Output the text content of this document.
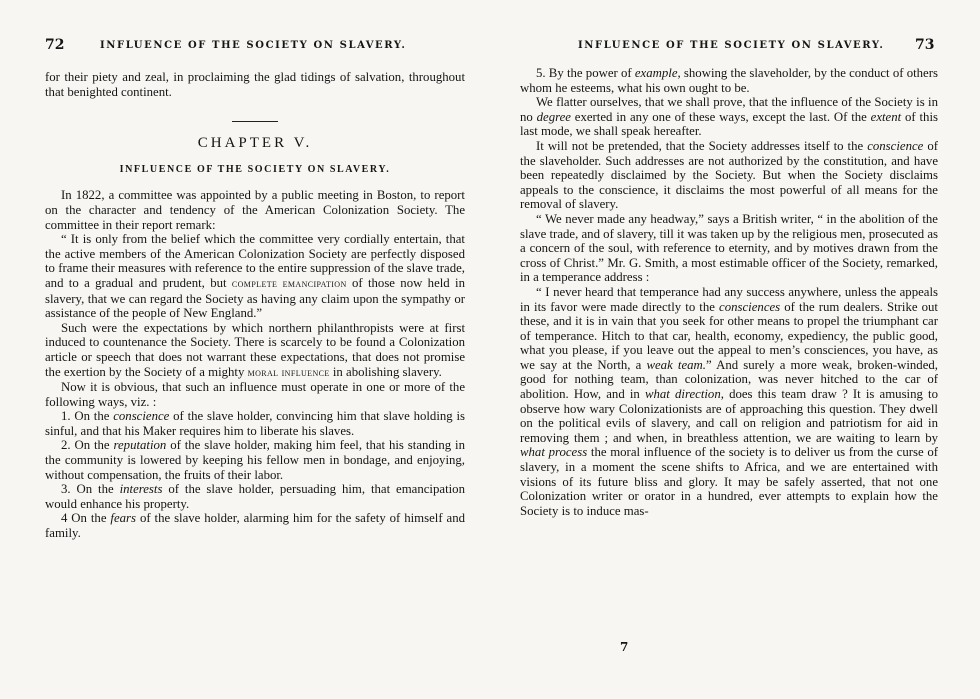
72	INFLUENCE OF THE SOCIETY ON SLAVERY.

for their piety and zeal, in proclaiming the glad tidings of salvation, throughout that benighted continent.

CHAPTER V.

INFLUENCE OF THE SOCIETY ON SLAVERY.

In 1822, a committee was appointed by a public meeting in Boston, to report on the character and tendency of the American Colonization Society. The committee in their report remark:

“ It is only from the belief which the committee very cordially entertain, that the active members of the American Colonization Society are perfectly disposed to frame their measures with reference to the entire suppression of the slave trade, and to a gradual and prudent, but complete emancipation of those now held in slavery, that we can regard the Society as having any claim upon the sympathy or assistance of the people of New England.”

Such were the expectations by which northern philanthropists were at first induced to countenance the Society. There is scarcely to be found a Colonization article or speech that does not warrant these expectations, that does not promise the exertion by the Society of a mighty moral influence in abolishing slavery.

Now it is obvious, that such an influence must operate in one or more of the following ways, viz. :

1. On the conscience of the slave holder, convincing him that slave holding is sinful, and that his Maker requires him to liberate his slaves.

2. On the reputation of the slave holder, making him feel, that his standing in the community is lowered by keeping his fellow men in bondage, and enjoying, without compensation, the fruits of their labor.

3. On the interests of the slave holder, persuading him, that emancipation would enhance his property.

4 On the fears of the slave holder, alarming him for the safety of himself and family.

INFLUENCE OF THE SOCIETY ON SLAVERY. 73

5. By the power of example, showing the slaveholder, by the conduct of others whom he esteems, what his own ought to be.

We flatter ourselves, that we shall prove, that the influence of the Society is in no degree exerted in any one of these ways, except the last. Of the extent of this last mode, we shall speak hereafter.

It will not be pretended, that the Society addresses itself to the conscience of the slaveholder. Such addresses are not authorized by the constitution, and have been repeatedly disclaimed by the Society. But when the Society disclaims appeals to the conscience, it disclaims the most powerful of all means for the removal of slavery.

“ We never made any headway,” says a British writer, “ in the abolition of the slave trade, and of slavery, till it was taken up by the religious men, prosecuted as a concern of the soul, with reference to eternity, and by motives drawn from the cross of Christ.” Mr. G. Smith, a most estimable officer of the Society, remarked, in a temperance address :

“ I never heard that temperance had any success anywhere, unless the appeals in its favor were made directly to the consciences of the rum dealers. Strike out these, and it is in vain that you seek for other means to propel the triumphant car of temperance. Hitch to that car, health, economy, expediency, the public good, what you please, if you leave out the appeal to men’s consciences, you have, as we say at the North, a weak team.” And surely a more weak, broken-winded, good for nothing team, than colonization, was never hitched to the car of abolition. How, and in what direction, does this team draw ? It is amusing to observe how wary Colonizationists are of approaching this question. They dwell on the political evils of slavery, and call on religion and patriotism for aid in removing them ; and when, in breathless attention, we are waiting to learn by what process the moral influence of the society is to deliver us from the curse of slavery, in a moment the scene shifts to Africa, and we are entertained with visions of its future bliss and glory. It may be safely asserted, that not one Colonization writer or orator in a hundred, ever attempts to explain how the Society is to induce mas-

7
